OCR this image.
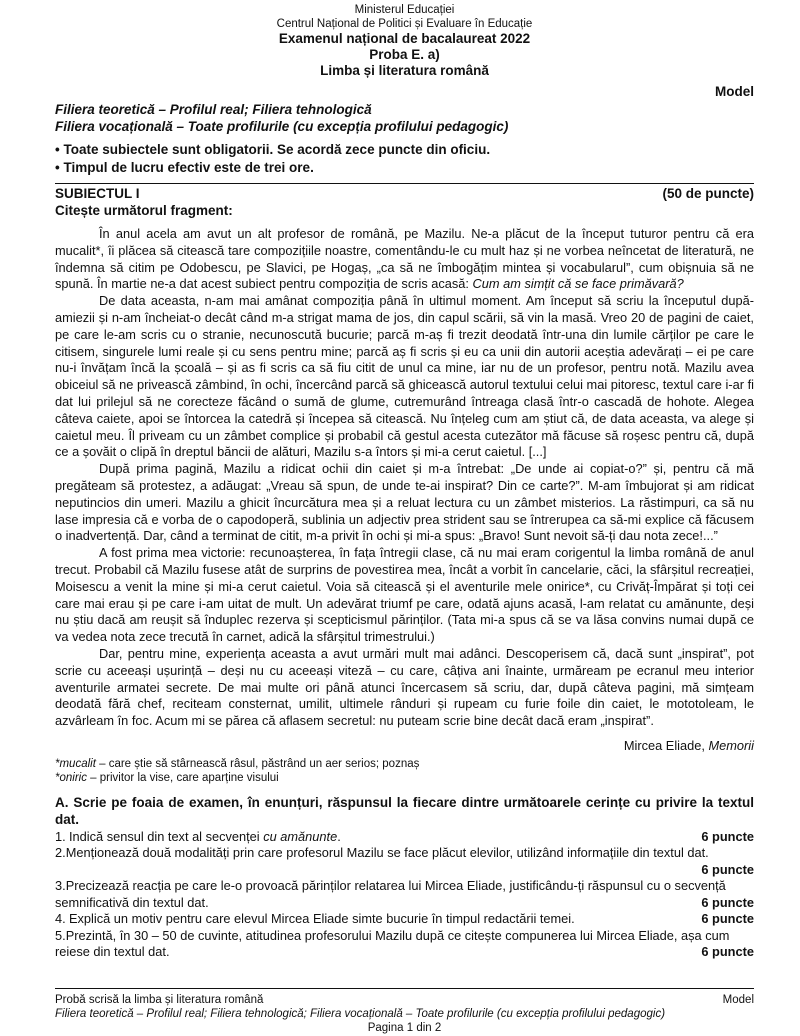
Ministerul Educației
Centrul Național de Politici și Evaluare în Educație
Examenul național de bacalaureat 2022
Proba E. a)
Limba și literatura română
Model
Filiera teoretică – Profilul real; Filiera tehnologică
Filiera vocațională – Toate profilurile (cu excepția profilului pedagogic)
• Toate subiectele sunt obligatorii. Se acordă zece puncte din oficiu.
• Timpul de lucru efectiv este de trei ore.
SUBIECTUL I	(50 de puncte)
Citește următorul fragment:

În anul acela am avut un alt profesor de română, pe Mazilu. Ne-a plăcut de la început tuturor pentru că era mucalit*, îi plăcea să citească tare compozițiile noastre, comentându-le cu mult haz și ne vorbea neîncetat de literatură, ne îndemna să citim pe Odobescu, pe Slavici, pe Hogaș, „ca să ne îmbogățim mintea și vocabularul”, cum obișnuia să ne spună. În martie ne-a dat acest subiect pentru compoziția de scris acasă: Cum am simțit că se face primăvară?

De data aceasta, n-am mai amânat compoziția până în ultimul moment. Am început să scriu la începutul după-amiezii și n-am încheiat-o decât când m-a strigat mama de jos, din capul scării, să vin la masă. Vreo 20 de pagini de caiet, pe care le-am scris cu o stranie, necunoscută bucurie; parcă m-aș fi trezit deodată într-una din lumile cărților pe care le citisem, singurele lumi reale și cu sens pentru mine; parcă aș fi scris și eu ca unii din autorii aceștia adevărați – ei pe care nu-i învățam încă la școală – și as fi scris ca să fiu citit de unul ca mine, iar nu de un profesor, pentru notă. Mazilu avea obiceiul să ne privească zâmbind, în ochi, încercând parcă să ghicească autorul textului celui mai pitoresc, textul care i-ar fi dat lui prilejul să ne corecteze făcând o sumă de glume, cutremurând întreaga clasă într-o cascadă de hohote. Alegea câteva caiete, apoi se întorcea la catedră și începea să citească. Nu înțeleg cum am știut că, de data aceasta, va alege și caietul meu. Îl priveam cu un zâmbet complice și probabil că gestul acesta cutezător mă făcuse să roșesc pentru că, după ce a șovăit o clipă în dreptul băncii de alături, Mazilu s-a întors și mi-a cerut caietul. [...]

După prima pagină, Mazilu a ridicat ochii din caiet și m-a întrebat: „De unde ai copiat-o?” și, pentru că mă pregăteam să protestez, a adăugat: „Vreau să spun, de unde te-ai inspirat? Din ce carte?”. M-am îmbujorat și am ridicat neputincios din umeri. Mazilu a ghicit încurcătura mea și a reluat lectura cu un zâmbet misterios. La răstimpuri, ca să nu lase impresia că e vorba de o capodoperă, sublinia un adjectiv prea strident sau se întrerupea ca să-mi explice că făcusem o inadvertență. Dar, când a terminat de citit, m-a privit în ochi și mi-a spus: „Bravo! Sunt nevoit să-ți dau nota zece!...”

A fost prima mea victorie: recunoașterea, în fața întregii clase, că nu mai eram corigentul la limba română de anul trecut. Probabil că Mazilu fusese atât de surprins de povestirea mea, încât a vorbit în cancelarie, căci, la sfârșitul recreației, Moisescu a venit la mine și mi-a cerut caietul. Voia să citească și el aventurile mele onirice*, cu Crivăț-Împărat și toți cei care mai erau și pe care i-am uitat de mult. Un adevărat triumf pe care, odată ajuns acasă, l-am relatat cu amănunte, deși nu știu dacă am reușit să înduplec rezerva și scepticismul părinților. (Tata mi-a spus că se va lăsa convins numai după ce va vedea nota zece trecută în carnet, adică la sfârșitul trimestrului.)

Dar, pentru mine, experiența aceasta a avut urmări mult mai adânci. Descoperisem că, dacă sunt „inspirat”, pot scrie cu aceeași ușurință – deși nu cu aceeași viteză – cu care, câțiva ani înainte, urmăream pe ecranul meu interior aventurile armatei secrete. De mai multe ori până atunci încercasem să scriu, dar, după câteva pagini, mă simțeam deodată fără chef, reciteam consternat, umilit, ultimele rânduri și rupeam cu furie foile din caiet, le mototoleam, le azvârleam în foc. Acum mi se părea că aflasem secretul: nu puteam scrie bine decât dacă eram „inspirat”.

Mircea Eliade, Memorii
*mucalit – care știe să stârnească râsul, păstrând un aer serios; poznaș
*oniric – privitor la vise, care aparține visului
A. Scrie pe foaia de examen, în enunțuri, răspunsul la fiecare dintre următoarele cerințe cu privire la textul dat.
1. Indică sensul din text al secvenței cu amănunte.	6 puncte
2.Menționează două modalități prin care profesorul Mazilu se face plăcut elevilor, utilizând informațiile din textul dat.
6 puncte
3.Precizează reacția pe care le-o provoacă părinților relatarea lui Mircea Eliade, justificându-ți răspunsul cu o secvență semnificativă din textul dat.	6 puncte
4. Explică un motiv pentru care elevul Mircea Eliade simte bucurie în timpul redactării temei.	6 puncte
5.Prezintă, în 30 – 50 de cuvinte, atitudinea profesorului Mazilu după ce citește compunerea lui Mircea Eliade, așa cum reiese din textul dat.	6 puncte
Probă scrisă la limba și literatura română	Model
Filiera teoretică – Profilul real; Filiera tehnologică; Filiera vocațională – Toate profilurile (cu excepția profilului pedagogic)
Pagina 1 din 2
